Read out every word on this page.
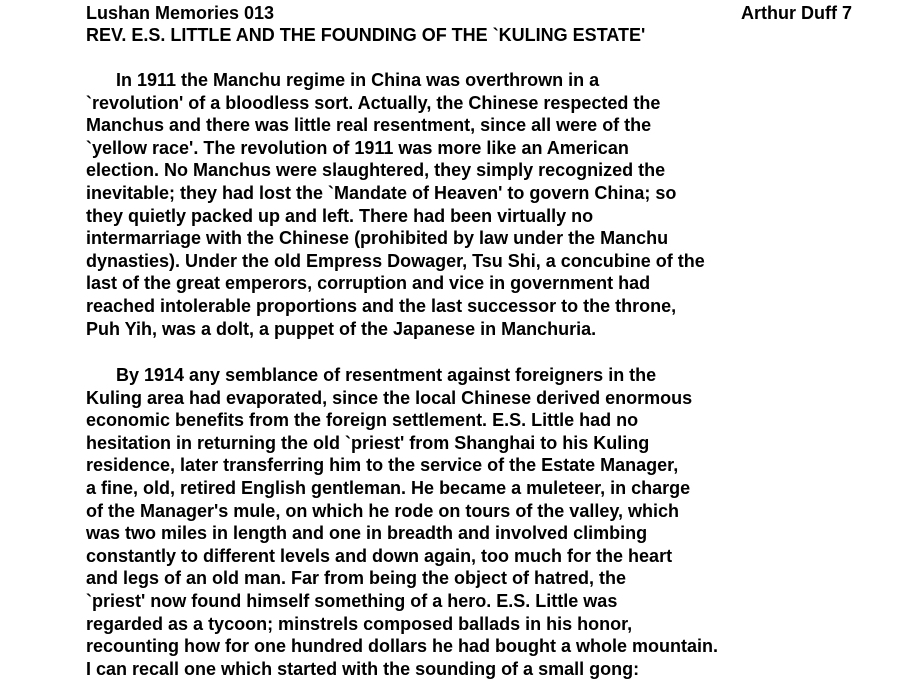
Lushan Memories 013	Arthur Duff 7
REV. E.S. LITTLE AND THE FOUNDING OF THE `KULING ESTATE'
In 1911 the Manchu regime in China was overthrown in a
`revolution' of a bloodless sort. Actually, the Chinese respected the
Manchus and there was little real resentment, since all were of the
`yellow race'. The revolution of 1911 was more like an American
election. No Manchus were slaughtered, they simply recognized the
inevitable; they had lost the `Mandate of Heaven' to govern China; so
they quietly packed up and left. There had been virtually no
intermarriage with the Chinese (prohibited by law under the Manchu
dynasties). Under the old Empress Dowager, Tsu Shi, a concubine of the
last of the great emperors, corruption and vice in government had
reached intolerable proportions and the last successor to the throne,
Puh Yih, was a dolt, a puppet of the Japanese in Manchuria.
By 1914 any semblance of resentment against foreigners in the
Kuling area had evaporated, since the local Chinese derived enormous
economic benefits from the foreign settlement. E.S. Little had no
hesitation in returning the old `priest' from Shanghai to his Kuling
residence, later transferring him to the service of the Estate Manager,
a fine, old, retired English gentleman. He became a muleteer, in charge
of the Manager's mule, on which he rode on tours of the valley, which
was two miles in length and one in breadth and involved climbing
constantly to different levels and down again, too much for the heart
and legs of an old man. Far from being the object of hatred, the
`priest' now found himself something of a hero. E.S. Little was
regarded as a tycoon; minstrels composed ballads in his honor,
recounting how for one hundred dollars he had bought a whole mountain.
I can recall one which started with the sounding of a small gong:
